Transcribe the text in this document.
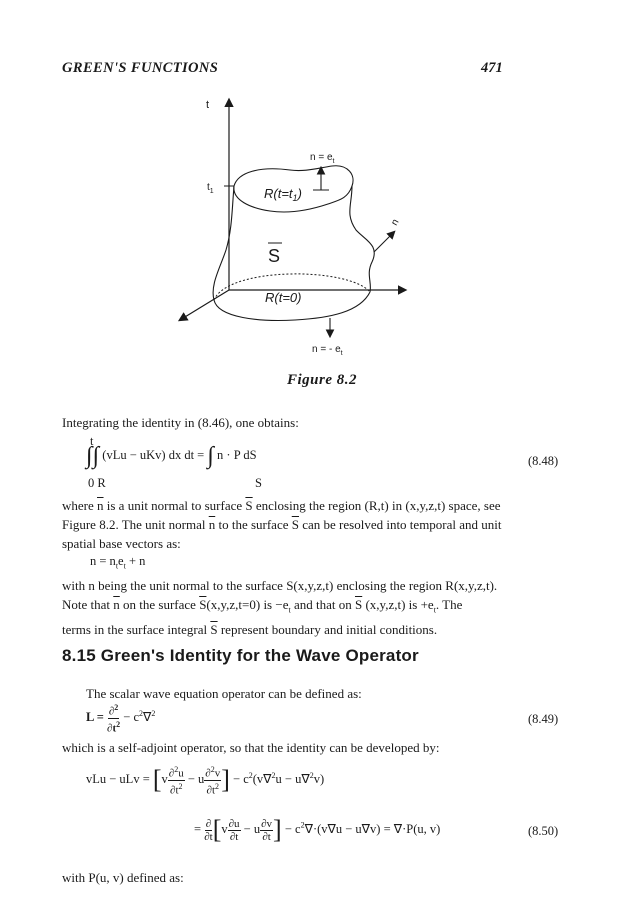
GREEN'S FUNCTIONS	471
t
$t_1$	$R(t=t_1)$
S
R(t=0)
$n = e_t$
n
n = - $e_t$
Figure 8.2
Integrating the identity in (8.46), one obtains:
t
∫∫ (vLu − uKv) dx dt = ∫ n · P dS
0 R	S
(8.48)
where $\overline{n}$ is a unit normal to surface $\overline{S}$ enclosing the region (R,t) in (x,y,z,t) space, see
Figure 8.2. The unit normal $\overline{n}$ to the surface $\overline{S}$ can be resolved into temporal and unit
spatial base vectors as:
$n = n_te_t + n$
with n being the unit normal to the surface S(x,y,z,t) enclosing the region R(x,y,z,t).
Note that $\overline{n}$ on the surface $\overline{S}(x,y,z,t=0)$ is $-e_t$ and that on $\overline{S}$ (x,y,z,t) is $+e_t$. The
terms in the surface integral $\overline{S}$ represent boundary and initial conditions.
8.15 Green's Identity for the Wave Operator
The scalar wave equation operator can be defined as:
$L = \frac{\partial^2}{\partial t^2} - c^2\nabla^2$	(8.49)
which is a self-adjoint operator, so that the identity can be developed by:
vLu − uLv = [$v \frac{\partial^2u}{\partial t^2} - u \frac{\partial^2v}{\partial t^2}$ ] − $c^2(v\nabla^2u - u\nabla^2v)$
= $\frac{\partial}{\partial t} [v \frac{\partial u}{\partial t} - u \frac{\partial v}{\partial t}$ ] − $c^2\nabla\cdot(v\nabla u - u\nabla v) = \nabla\cdot P(u$, v)	(8.50)
with P(u, v) defined as:
